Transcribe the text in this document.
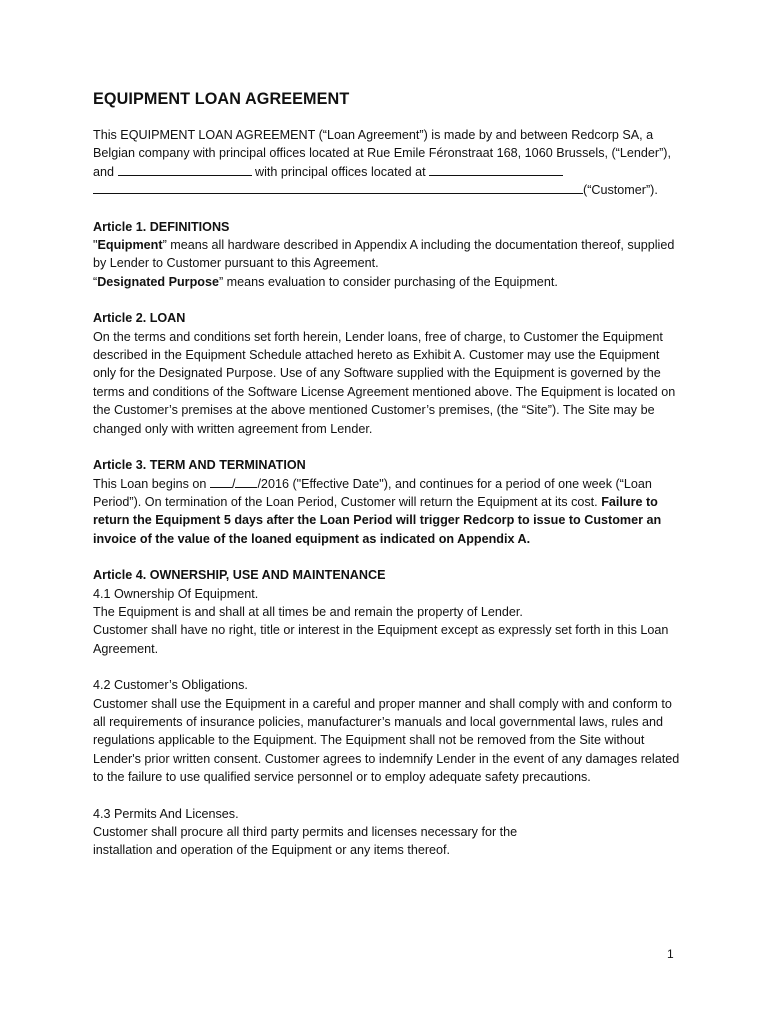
EQUIPMENT LOAN AGREEMENT

This EQUIPMENT LOAN AGREEMENT (“Loan Agreement”) is made by and between Redcorp SA, a Belgian company with principal offices located at Rue Emile Féronstraat 168, 1060 Brussels, (“Lender”), and	with principal offices located at  (“Customer”).

Article 1. DEFINITIONS

"Equipment” means all hardware described in Appendix A including the documentation thereof, supplied by Lender to Customer pursuant to this Agreement.

“Designated Purpose” means evaluation to consider purchasing of the Equipment.

Article 2. LOAN

On the terms and conditions set forth herein, Lender loans, free of charge, to Customer the Equipment described in the Equipment Schedule attached hereto as Exhibit A. Customer may use the Equipment only for the Designated Purpose. Use of any Software supplied with the Equipment is governed by the terms and conditions of the Software License Agreement mentioned above. The Equipment is located on the Customer’s premises at the above mentioned Customer’s premises, (the “Site”). The Site may be changed only with written agreement from Lender.

Article 3. TERM AND TERMINATION

This Loan begins on / /2016 ("Effective Date"), and continues for a period of one week (“Loan Period”). On termination of the Loan Period, Customer will return the Equipment at its cost. Failure to return the Equipment 5 days after the Loan Period will trigger Redcorp to issue to Customer an invoice of the value of the loaned equipment as indicated on Appendix A.

Article 4. OWNERSHIP, USE AND MAINTENANCE

4.1 Ownership Of Equipment.

The Equipment is and shall at all times be and remain the property of Lender.

Customer shall have no right, title or interest in the Equipment except as expressly set forth in this Loan Agreement.

4.2 Customer’s Obligations.

Customer shall use the Equipment in a careful and proper manner and shall comply with and conform to all requirements of insurance policies, manufacturer’s manuals and local governmental laws, rules and regulations applicable to the Equipment. The Equipment shall not be removed from the Site without Lender's prior written consent. Customer agrees to indemnify Lender in the event of any damages related to the failure to use qualified service personnel or to employ adequate safety precautions.

4.3 Permits And Licenses.

Customer shall procure all third party permits and licenses necessary for the

installation and operation of the Equipment or any items thereof.

1
